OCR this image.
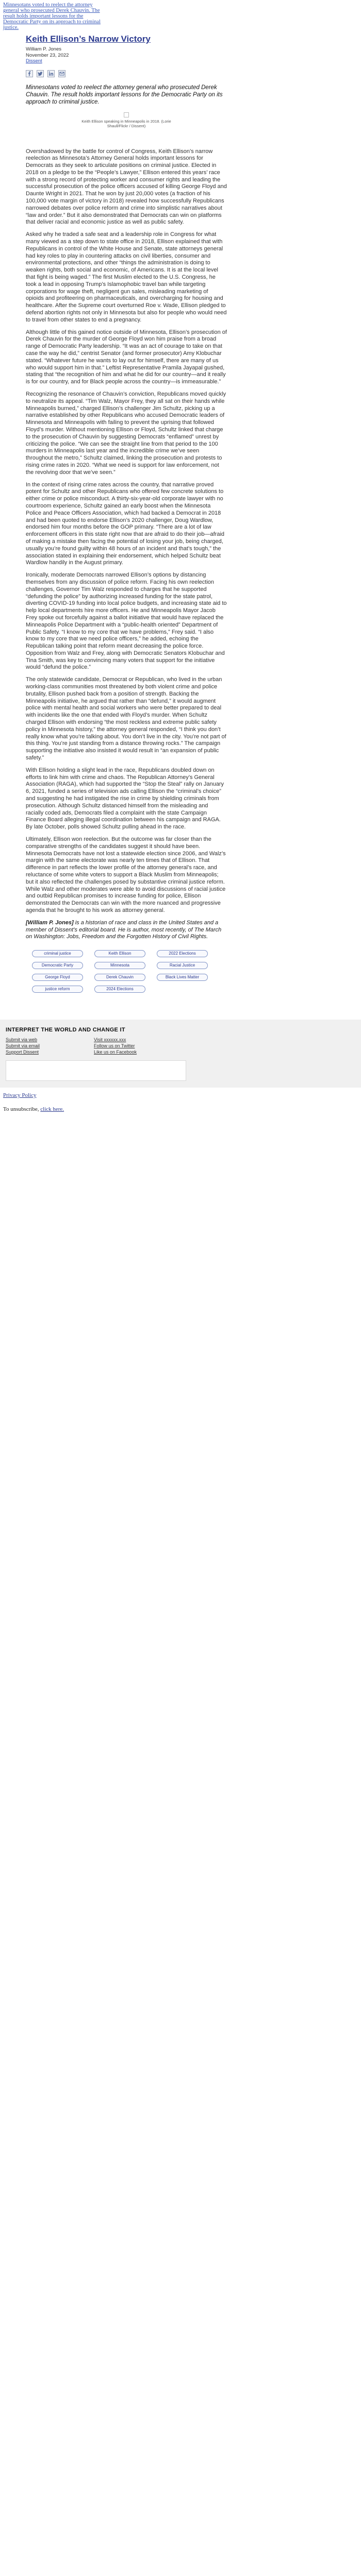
Minnesotans voted to reelect the attorney general who prosecuted Derek Chauvin. The result holds important lessons for the Democratic Party on its approach to criminal justice.
Keith Ellison’s Narrow Victory
William P. Jones
November 23, 2022
Dissent
Minnesotans voted to reelect the attorney general who prosecuted Derek Chauvin. The result holds important lessons for the Democratic Party on its approach to criminal justice.
Keith Ellison speaking in Minneapolis in 2018. (Lorie Shaull/Flickr / Dissent)

Overshadowed by the battle for control of Congress, Keith Ellison’s narrow reelection as Minnesota’s Attorney General holds important lessons for Democrats as they seek to articulate positions on criminal justice. Elected in 2018 on a pledge to be the “People’s Lawyer,” Ellison entered this years’ race with a strong record of protecting worker and consumer rights and leading the successful prosecution of the police officers accused of killing George Floyd and Daunte Wright in 2021. That he won by just 20,000 votes (a fraction of his 100,000 vote margin of victory in 2018) revealed how successfully Republicans narrowed debates over police reform and crime into simplistic narratives about “law and order.” But it also demonstrated that Democrats can win on platforms that deliver racial and economic justice as well as public safety.

Asked why he traded a safe seat and a leadership role in Congress for what many viewed as a step down to state office in 2018, Ellison explained that with Republicans in control of the White House and Senate, state attorneys general had key roles to play in countering attacks on civil liberties, consumer and environmental protections, and other “things the administration is doing to weaken rights, both social and economic, of Americans. It is at the local level that fight is being waged.” The first Muslim elected to the U.S. Congress, he took a lead in opposing Trump’s Islamophobic travel ban while targeting corporations for wage theft, negligent gun sales, misleading marketing of opioids and profiteering on pharmaceuticals, and overcharging for housing and healthcare. After the Supreme court overturned Roe v. Wade, Ellison pledged to defend abortion rights not only in Minnesota but also for people who would need to travel from other states to end a pregnancy.

Although little of this gained notice outside of Minnesota, Ellison’s prosecution of Derek Chauvin for the murder of George Floyd won him praise from a broad range of Democratic Party leadership. “It was an act of courage to take on that case the way he did,” centrist Senator (and former prosecutor) Amy Klobuchar stated. “Whatever future he wants to lay out for himself, there are many of us who would support him in that.” Leftist Representative Pramila Jayapal gushed, stating that “the recognition of him and what he did for our country—and it really is for our country, and for Black people across the country—is immeasurable.”

Recognizing the resonance of Chauvin’s conviction, Republicans moved quickly to neutralize its appeal. “Tim Walz, Mayor Frey, they all sat on their hands while Minneapolis burned,” charged Ellison’s challenger Jim Schultz, picking up a narrative established by other Republicans who accused Democratic leaders of Minnesota and Minneapolis with failing to prevent the uprising that followed Floyd’s murder. Without mentioning Ellison or Floyd, Schultz linked that charge to the prosecution of Chauvin by suggesting Democrats “enflamed” unrest by criticizing the police. “We can see the straight line from that period to the 100 murders in Minneapolis last year and the incredible crime we’ve seen throughout the metro,” Schultz claimed, linking the prosecution and protests to rising crime rates in 2020. “What we need is support for law enforcement, not the revolving door that we’ve seen.”

In the context of rising crime rates across the country, that narrative proved potent for Schultz and other Republicans who offered few concrete solutions to either crime or police misconduct. A thirty-six-year-old corporate lawyer with no courtroom experience, Schultz gained an early boost when the Minnesota Police and Peace Officers Association, which had backed a Democrat in 2018 and had been quoted to endorse Ellison’s 2020 challenger, Doug Wardlow, endorsed him four months before the GOP primary. “There are a lot of law enforcement officers in this state right now that are afraid to do their job—afraid of making a mistake then facing the potential of losing your job, being charged, usually you’re found guilty within 48 hours of an incident and that’s tough,” the association stated in explaining their endorsement, which helped Schultz beat Wardlow handily in the August primary.

Ironically, moderate Democrats narrowed Ellison’s options by distancing themselves from any discussion of police reform. Facing his own reelection challenges, Governor Tim Walz responded to charges that he supported “defunding the police” by authorizing increased funding for the state patrol, diverting COVID-19 funding into local police budgets, and increasing state aid to help local departments hire more officers. He and Minneapolis Mayor Jacob Frey spoke out forcefully against a ballot initiative that would have replaced the Minneapolis Police Department with a “public-health oriented” Department of Public Safety. “I know to my core that we have problems,” Frey said. “I also know to my core that we need police officers,” he added, echoing the Republican talking point that reform meant decreasing the police force. Opposition from Walz and Frey, along with Democratic Senators Klobuchar and Tina Smith, was key to convincing many voters that support for the initiative would “defund the police.”

The only statewide candidate, Democrat or Republican, who lived in the urban working-class communities most threatened by both violent crime and police brutality, Ellison pushed back from a position of strength. Backing the Minneapolis initiative, he argued that rather than “defund,” it would augment police with mental health and social workers who were better prepared to deal with incidents like the one that ended with Floyd’s murder. When Schultz charged Ellison with endorsing “the most reckless and extreme public safety policy in Minnesota history,” the attorney general responded, “I think you don’t really know what you’re talking about. You don’t live in the city. You’re not part of this thing. You’re just standing from a distance throwing rocks.” The campaign supporting the initiative also insisted it would result in “an expansion of public safety.”

With Ellison holding a slight lead in the race, Republicans doubled down on efforts to link him with crime and chaos. The Republican Attorney’s General Association (RAGA), which had supported the “Stop the Steal” rally on January 6, 2021, funded a series of television ads calling Ellison the “criminal’s choice” and suggesting he had instigated the rise in crime by shielding criminals from prosecution. Although Schultz distanced himself from the misleading and racially coded ads, Democrats filed a complaint with the state Campaign Finance Board alleging illegal coordination between his campaign and RAGA. By late October, polls showed Schultz pulling ahead in the race.

Ultimately, Ellison won reelection. But the outcome was far closer than the comparative strengths of the candidates suggest it should have been. Minnesota Democrats have not lost a statewide election since 2006, and Walz’s margin with the same electorate was nearly ten times that of Ellison. That difference in part reflects the lower profile of the attorney general’s race, and reluctance of some white voters to support a Black Muslim from Minneapolis; but it also reflected the challenges posed by substantive criminal justice reform. While Walz and other moderates were able to avoid discussions of racial justice and outbid Republican promises to increase funding for police, Ellison demonstrated the Democrats can win with the more nuanced and progressive agenda that he brought to his work as attorney general.

[William P. Jones] is a historian of race and class in the United States and a member of Dissent’s editorial board. He is author, most recently, of The March on Washington: Jobs, Freedom and the Forgotten History of Civil Rights.
criminal justice	Keith Ellison	2022 Elections
Democratic Party	Minnesota	Racial Justice
George Floyd	Derek Chauvin	Black Lives Matter
justice reform	2024 Elections
INTERPRET THE WORLD AND CHANGE IT
Submit via web	Visit xxxxxx.xxx
Submit via email	Follow us on Twitter
Support Dissent	Like us on Facebook
Privacy Policy
To unsubscribe, click here.
